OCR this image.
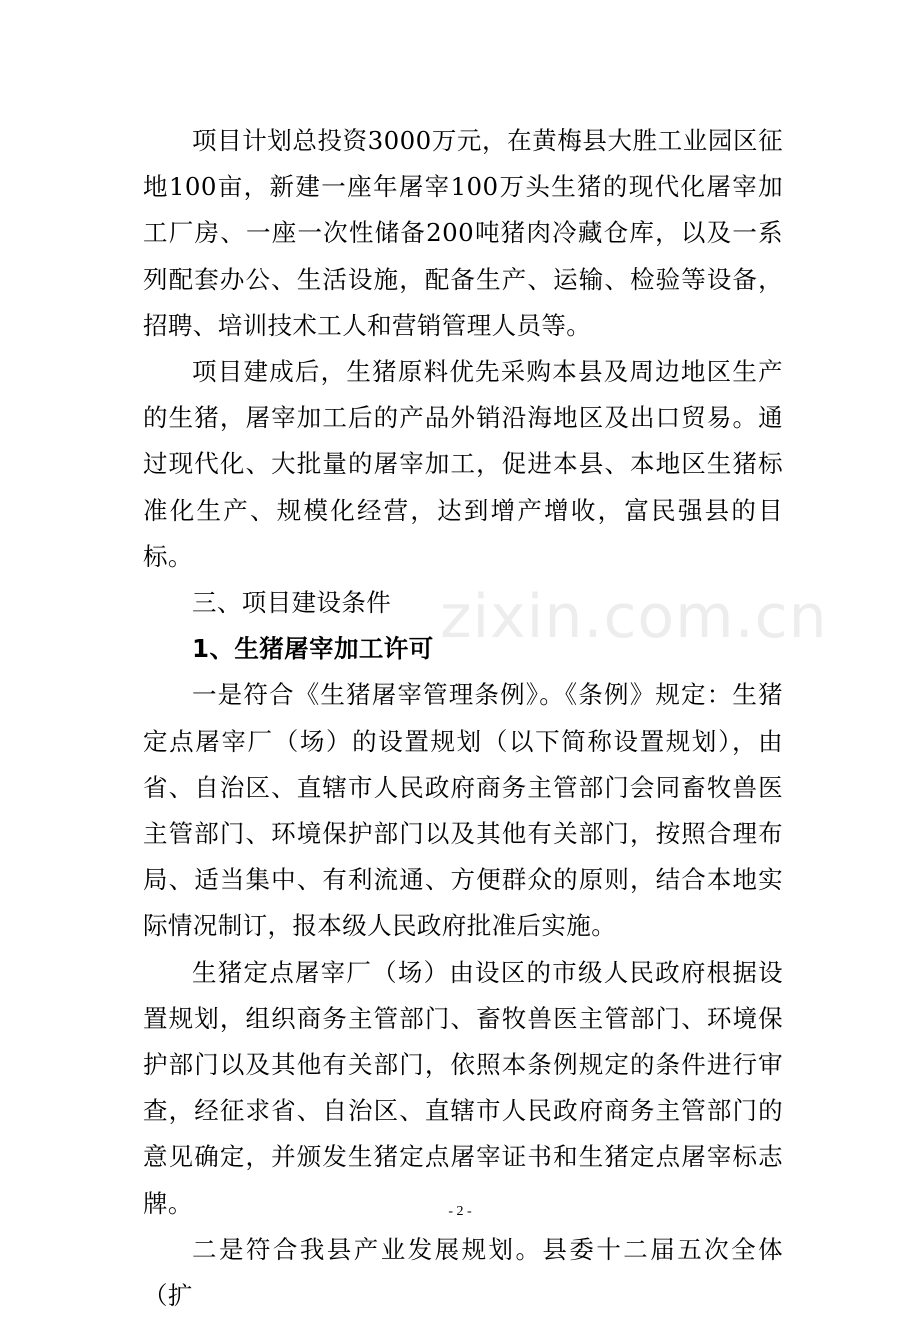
项目计划总投资3000万元，在黄梅县大胜工业园区征地100亩，新建一座年屠宰100万头生猪的现代化屠宰加工厂房、一座一次性储备200吨猪肉冷藏仓库，以及一系列配套办公、生活设施，配备生产、运输、检验等设备，招聘、培训技术工人和营销管理人员等。

项目建成后，生猪原料优先采购本县及周边地区生产的生猪，屠宰加工后的产品外销沿海地区及出口贸易。通过现代化、大批量的屠宰加工，促进本县、本地区生猪标准化生产、规模化经营，达到增产增收，富民强县的目标。

三、项目建设条件

1、生猪屠宰加工许可

一是符合《生猪屠宰管理条例》。《条例》规定：生猪定点屠宰厂（场）的设置规划（以下简称设置规划），由省、自治区、直辖市人民政府商务主管部门会同畜牧兽医主管部门、环境保护部门以及其他有关部门，按照合理布局、适当集中、有利流通、方便群众的原则，结合本地实际情况制订，报本级人民政府批准后实施。

生猪定点屠宰厂（场）由设区的市级人民政府根据设置规划，组织商务主管部门、畜牧兽医主管部门、环境保护部门以及其他有关部门，依照本条例规定的条件进行审查，经征求省、自治区、直辖市人民政府商务主管部门的意见确定，并颁发生猪定点屠宰证书和生猪定点屠宰标志牌。

二是符合我县产业发展规划。县委十二届五次全体（扩

zixin.com.cn
- 2 -
